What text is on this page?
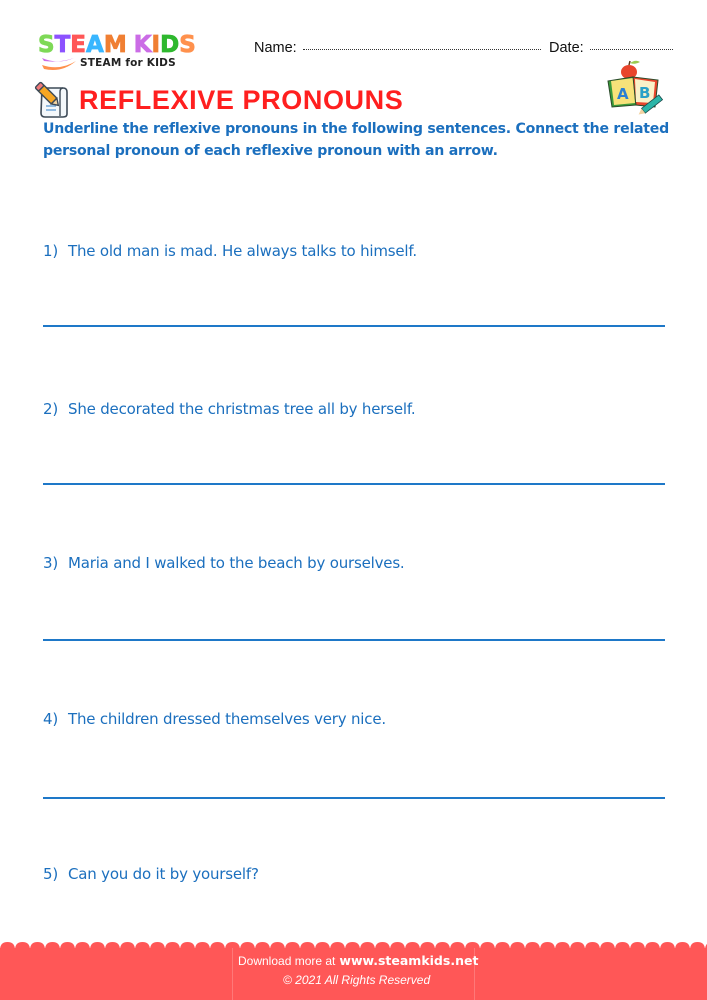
STEAM KIDS
STEAM for KIDS
Name:	Date:
REFLEXIVE PRONOUNS	A B
Underline the reflexive pronouns in the following sentences. Connect the related personal pronoun of each reflexive pronoun with an arrow.
1) The old man is mad. He always talks to himself.
2) She decorated the christmas tree all by herself.
3) Maria and I walked to the beach by ourselves.
4) The children dressed themselves very nice.
5) Can you do it by yourself?
Download more at www.steamkids.net
© 2021 All Rights Reserved
